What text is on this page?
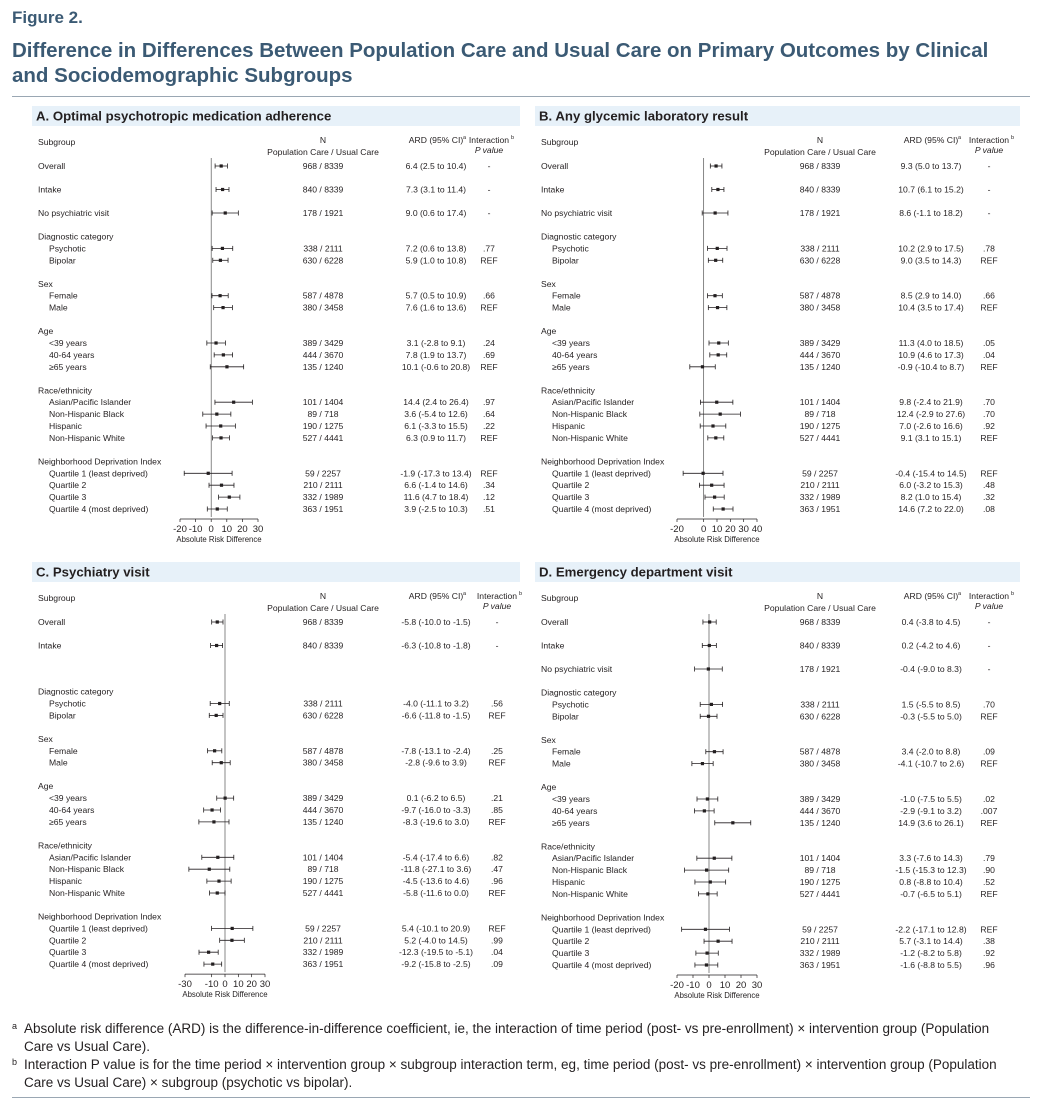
Figure 2.
Difference in Differences Between Population Care and Usual Care on Primary Outcomes by Clinical and Sociodemographic Subgroups
A. Optimal psychotropic medication adherence
Subgroup	N
Population Care / Usual Care
ARD (95% CI) a Interaction b
P value
Overall	968 / 8339	6.4 (2.5 to 10.4) -
Intake	840 / 8339	7.3 (3.1 to 11.4)	-
No psychiatric visit	178 / 1921	9.0 (0.6 to 17.4) -
Diagnostic category
Psychotic	338 / 2111	7.2 (0.6 to 13.8) .77
Bipolar	630 / 6228	5.9 (1.0 to 10.8) REF
Sex
Female	587 / 4878	5.7 (0.5 to 10.9) .66
Male	380 / 3458	7.6 (1.6 to 13.6) REF
Age
<39 years	389 / 3429	3.1 (-2.8 to 9.1) .24
40-64 years	444 / 3670	7.8 (1.9 to 13.7) .69
≥65 years	135 / 1240	10.1 (-0.6 to 20.8) REF
Race/ethnicity
Asian/Pacific Islander	101 / 1404	14.4 (2.4 to 26.4) .97
Non-Hispanic Black	89 / 718	3.6 (-5.4 to 12.6) .64
Hispanic	190 / 1275	6.1 (-3.3 to 15.5) .22
Non-Hispanic White	527 / 4441	6.3 (0.9 to 11.7) REF
Neighborhood Deprivation Index
Quartile 1 (least deprived)	59 / 2257	-1.9 (-17.3 to 13.4) REF
Quartile 2	210 / 2111	6.6 (-1.4 to 14.6) .34
Quartile 3	332 / 1989	11.6 (4.7 to 18.4) .12
Quartile 4 (most deprived)	363 / 1951	3.9 (-2.5 to 10.3) .51
-20 -10 0 10 20 30
Absolute Risk Difference
B. Any glycemic laboratory result
Subgroup	N
Population Care / Usual Care
ARD (95% CI) a Interaction b
P value
Overall	968 / 8339	9.3 (5.0 to 13.7)	-
Intake	840 / 8339	10.7 (6.1 to 15.2)	-
No psychiatric visit	178 / 1921	8.6 (-1.1 to 18.2)	-
Diagnostic category
Psychotic	338 / 2111	10.2 (2.9 to 17.5) .78
Bipolar	630 / 6228	9.0 (3.5 to 14.3) REF
Sex
Female	587 / 4878	8.5 (2.9 to 14.0)	.66
Male	380 / 3458	10.4 (3.5 to 17.4) REF
Age
<39 years	389 / 3429	11.3 (4.0 to 18.5) .05
40-64 years	444 / 3670	10.9 (4.6 to 17.3) .04
≥65 years	135 / 1240	-0.9 (-10.4 to 8.7) REF
Race/ethnicity
Asian/Pacific Islander	101 / 1404	9.8 (-2.4 to 21.9) .70
Non-Hispanic Black	89 / 718	12.4 (-2.9 to 27.6) .70
Hispanic	190 / 1275	7.0 (-2.6 to 16.6) .92
Non-Hispanic White	527 / 4441	9.1 (3.1 to 15.1) REF
Neighborhood Deprivation Index
Quartile 1 (least deprived)	59 / 2257	-0.4 (-15.4 to 14.5) REF
Quartile 2	210 / 2111	6.0 (-3.2 to 15.3) .48
Quartile 3	332 / 1989	8.2 (1.0 to 15.4)	.32
Quartile 4 (most deprived)	363 / 1951	14.6 (7.2 to 22.0) .08
-20 0 10 20 30 40
Absolute Risk Difference
C. Psychiatry visit
Subgroup	N
Population Care / Usual Care
ARD (95% CI) a Interaction b
P value
Overall	968 / 8339	-5.8 (-10.0 to -1.5)	-
Intake	840 / 8339	-6.3 (-10.8 to -1.8)	-
Diagnostic category
Psychotic	338 / 2111	-4.0 (-11.1 to 3.2)	.56
Bipolar	630 / 6228	-6.6 (-11.8 to -1.5) REF
Sex
Female	587 / 4878	-7.8 (-13.1 to -2.4) .25
Male	380 / 3458	-2.8 (-9.6 to 3.9)	REF
Age
<39 years	389 / 3429	0.1 (-6.2 to 6.5)	.21
40-64 years	444 / 3670	-9.7 (-16.0 to -3.3) .85
≥65 years	135 / 1240	-8.3 (-19.6 to 3.0) REF
Race/ethnicity
Asian/Pacific Islander	101 / 1404	-5.4 (-17.4 to 6.6)	.82
Non-Hispanic Black	89 / 718	-11.8 (-27.1 to 3.6) .47
Hispanic	190 / 1275	-4.5 (-13.6 to 4.6)	.96
Non-Hispanic White	527 / 4441	-5.8 (-11.6 to 0.0) REF
Neighborhood Deprivation Index
Quartile 1 (least deprived)	59 / 2257	5.4 (-10.1 to 20.9) REF
Quartile 2	210 / 2111	5.2 (-4.0 to 14.5)	.99
Quartile 3	332 / 1989	-12.3 (-19.5 to -5.1) .04
Quartile 4 (most deprived)	363 / 1951	-9.2 (-15.8 to -2.5) .09
-30 -10 0 10 20 30
Absolute Risk Difference
D. Emergency department visit
Subgroup	N
Population Care / Usual Care
ARD (95% CI) a Interaction b
P value
Overall	968 / 8339	0.4 (-3.8 to 4.5)	-
Intake	840 / 8339	0.2 (-4.2 to 4.6)	-
No psychiatric visit	178 / 1921	-0.4 (-9.0 to 8.3)	-
Diagnostic category
Psychotic	338 / 2111	1.5 (-5.5 to 8.5)	.70
Bipolar	630 / 6228	-0.3 (-5.5 to 5.0) REF
Sex
Female	587 / 4878	3.4 (-2.0 to 8.8)	.09
Male	380 / 3458	-4.1 (-10.7 to 2.6) REF
Age
<39 years	389 / 3429	-1.0 (-7.5 to 5.5) .02
40-64 years	444 / 3670	-2.9 (-9.1 to 3.2) .007
≥65 years	135 / 1240	14.9 (3.6 to 26.1) REF
Race/ethnicity
Asian/Pacific Islander	101 / 1404	3.3 (-7.6 to 14.3) .79
Non-Hispanic Black	89 / 718	-1.5 (-15.3 to 12.3) .90
Hispanic	190 / 1275	0.8 (-8.8 to 10.4) .52
Non-Hispanic White	527 / 4441	-0.7 (-6.5 to 5.1) REF
Neighborhood Deprivation Index
Quartile 1 (least deprived)	59 / 2257	-2.2 (-17.1 to 12.8) REF
Quartile 2	210 / 2111	5.7 (-3.1 to 14.4) .38
Quartile 3	332 / 1989	-1.2 (-8.2 to 5.8) .92
Quartile 4 (most deprived)	363 / 1951	-1.6 (-8.8 to 5.5) .96
-20 -10 0 10 20 30
Absolute Risk Difference
a Absolute risk difference (ARD) is the difference-in-difference coefficient, ie, the interaction of time period (post- vs pre-enrollment) × intervention group (Population Care vs Usual Care).

b Interaction P value is for the time period × intervention group × subgroup interaction term, eg, time period (post- vs pre-enrollment) × intervention group (Population Care vs Usual Care) × subgroup (psychotic vs bipolar).
